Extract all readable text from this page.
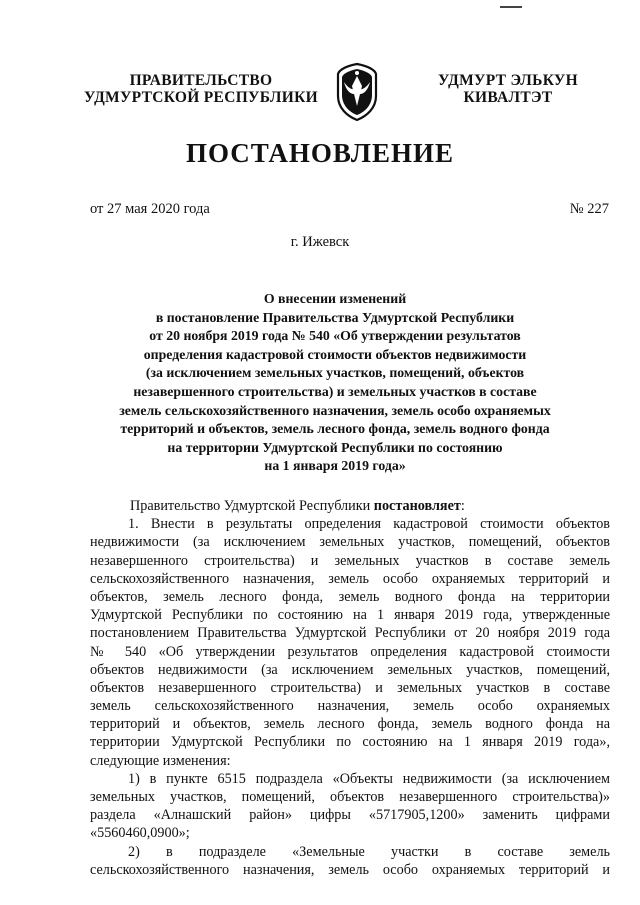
ПРАВИТЕЛЬСТВО
УДМУРТСКОЙ РЕСПУБЛИКИ
УДМУРТ ЭЛЬКУН
КИВАЛТЭТ
ПОСТАНОВЛЕНИЕ
от 27 мая 2020 года	№ 227
г. Ижевск
О внесении изменений
в постановление Правительства Удмуртской Республики
от 20 ноября 2019 года № 540 «Об утверждении результатов
определения кадастровой стоимости объектов недвижимости
(за исключением земельных участков, помещений, объектов
незавершенного строительства) и земельных участков в составе
земель сельскохозяйственного назначения, земель особо охраняемых
территорий и объектов, земель лесного фонда, земель водного фонда
на территории Удмуртской Республики по состоянию
на 1 января 2019 года»
Правительство Удмуртской Республики постановляет:
1. Внести в результаты определения кадастровой стоимости объектов
недвижимости (за исключением земельных участков, помещений, объектов
незавершенного строительства) и земельных участков в составе земель
сельскохозяйственного назначения, земель особо охраняемых территорий и
объектов, земель лесного фонда, земель водного фонда на территории
Удмуртской Республики по состоянию на 1 января 2019 года, утвержденные
постановлением Правительства Удмуртской Республики от 20 ноября 2019 года
№ 540 «Об утверждении результатов определения кадастровой стоимости
объектов недвижимости (за исключением земельных участков, помещений,
объектов незавершенного строительства) и земельных участков в составе
земель сельскохозяйственного назначения, земель особо охраняемых
территорий и объектов, земель лесного фонда, земель водного фонда на
территории Удмуртской Республики по состоянию на 1 января 2019 года»,
следующие изменения:
1) в пункте 6515 подраздела «Объекты недвижимости (за исключением
земельных участков, помещений, объектов незавершенного строительства)»
раздела «Алнашский район» цифры «5717905,1200» заменить цифрами
«5560460,0900»;
2) в подразделе «Земельные участки в составе земель
сельскохозяйственного назначения, земель особо охраняемых территорий и
